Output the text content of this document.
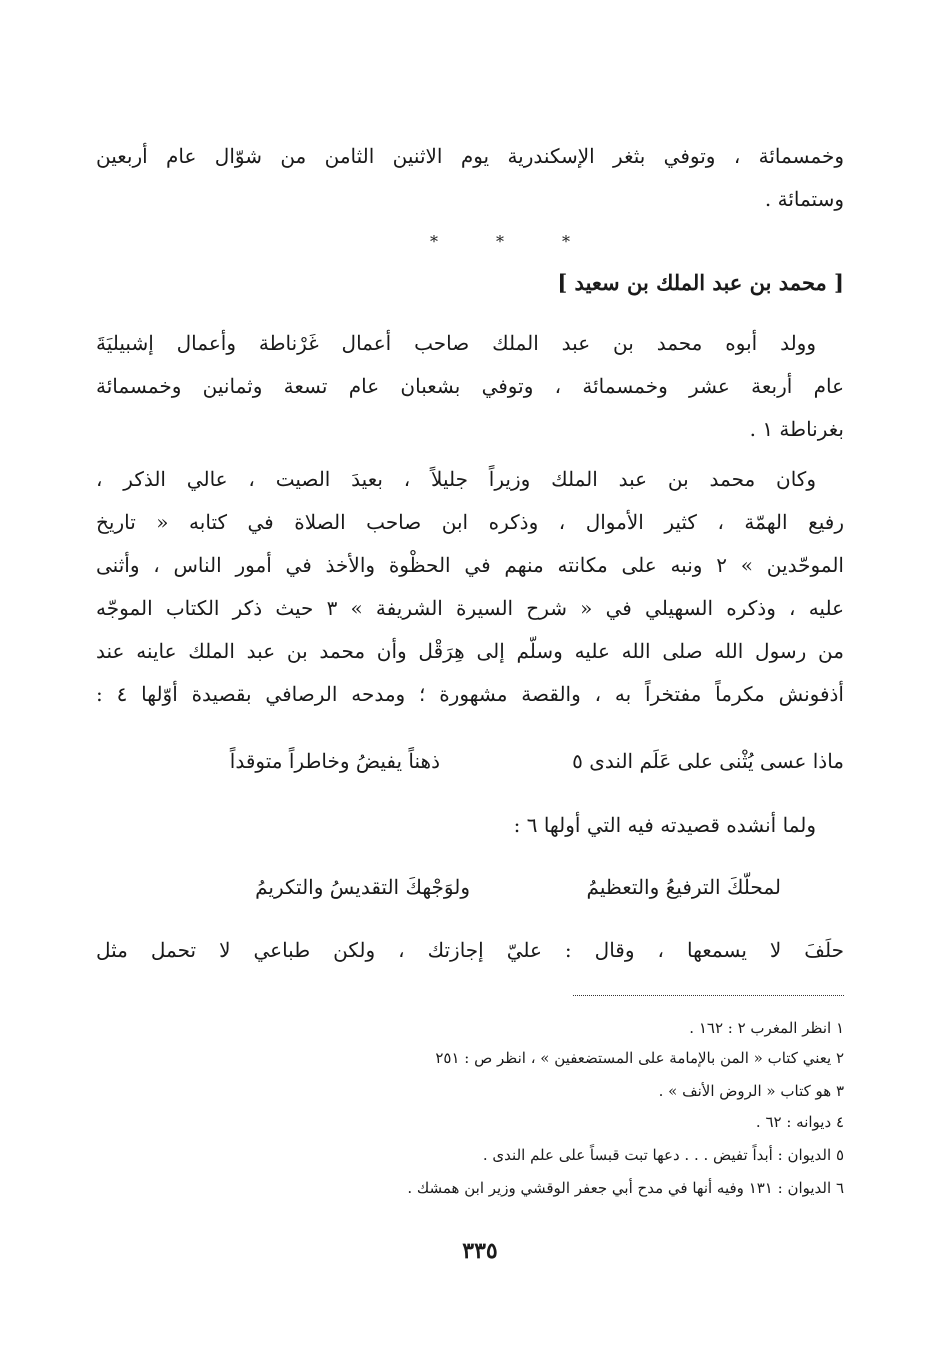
وخمسمائة ، وتوفي بثغر الإسكندرية يوم الاثنين الثامن من شوّال عام أربعين
وستمائة .
*	*	*
[ محمد بن عبد الملك بن سعيد ]
وولد أبوه محمد بن عبد الملك صاحب أعمال غَرْناطة وأعمال إشبيليَةَ
عام أربعة عشر وخمسمائة ، وتوفي بشعبان عام تسعة وثمانين وخمسمائة
بغرناطة ١ .
وكان محمد بن عبد الملك وزيراً جليلاً ، بعيدَ الصيت ، عالي الذكر ،
رفيع الهمّة ، كثير الأموال ، وذكره ابن صاحب الصلاة في كتابه « تاريخ
الموحّدين » ٢ ونبه على مكانته منهم في الحظْوة والأخذ في أمور الناس ، وأثنى
عليه ، وذكره السهيلي في « شرح السيرة الشريفة » ٣ حيث ذكر الكتاب الموجّه
من رسول الله صلى الله عليه وسلّم إلى هِرَقْل وأن محمد بن عبد الملك عاينه عند
أذفونش مكرماً مفتخراً به ، والقصة مشهورة ؛ ومدحه الرصافي بقصيدة أوّلها ٤ :
ماذا عسى يُثْنى على عَلَم الندى ٥
ذهناً يفيضُ وخاطراً متوقداً
ولما أنشده قصيدته فيه التي أولها ٦ :
لمحلّكَ الترفيعُ والتعظيمُ
ولوَجْهكَ التقديسُ والتكريمُ
حلَفَ لا يسمعها ، وقال : عليّ إجازتك ، ولكن طباعي لا تحمل مثل
١ انظر المغرب ٢ : ١٦٢ .
٢ يعني كتاب « المن بالإمامة على المستضعفين » ، انظر ص : ٢٥١
٣ هو كتاب « الروض الأنف » .
٤ ديوانه : ٦٢ .
٥ الديوان : أبداً تفيض . . . دعها تبت قبساً على علم الندى .
٦ الديوان : ١٣١ وفيه أنها في مدح أبي جعفر الوقشي وزير ابن همشك .
٣٣٥
